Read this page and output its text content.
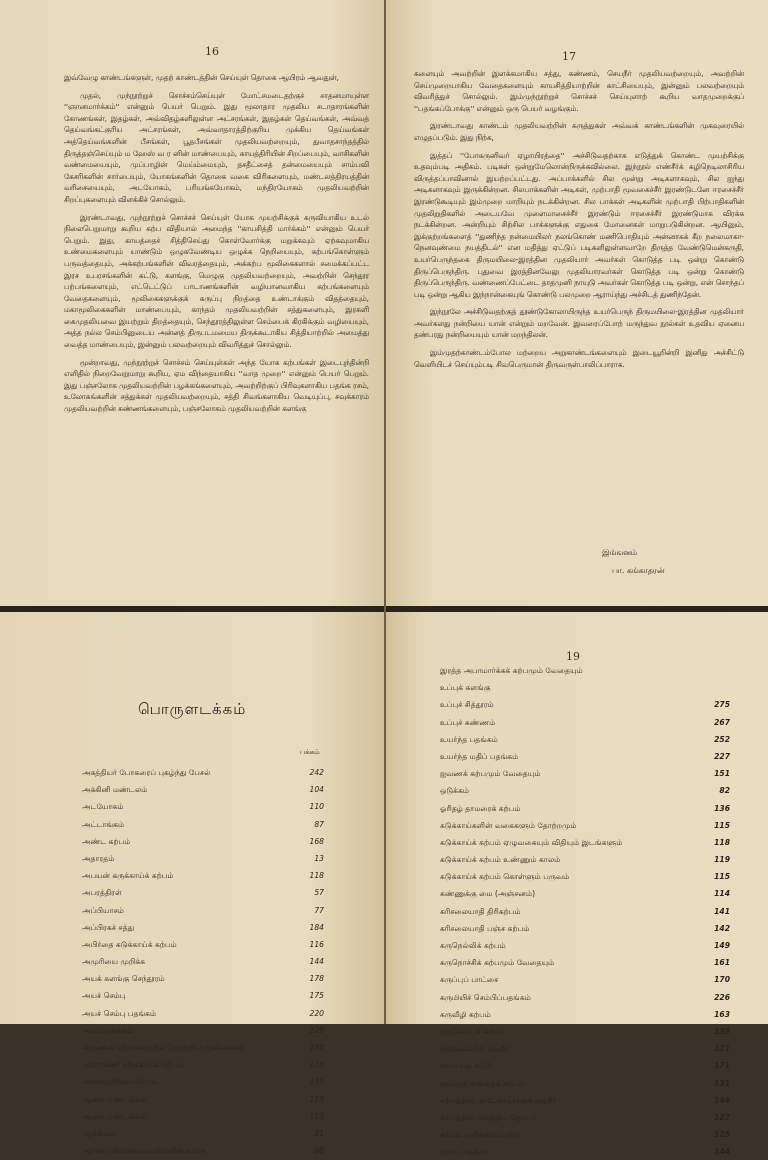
16

இவ்வேழு காண்டங்களுள், முதற் காண்டத்தின் செய்யுள் தொகை ஆயிரம் ஆவதுள்,

முதல், முந்நூற்றுச் சொச்சம்செய்யுள் மோட்சமடைதற்குச் சாதனமாயுள்ள ''ஞானமார்க்கம்'' என்னும் பெயர் பெறும். இது மூலாதார முதலிய சடாதாரங்களின் கோணங்கள், இதழ்கள், அவ்விதழ்களிலுள்ள அட்சரங்கள், இதழ்கள் தெய்வங்கள், அவ்வத் தெய்வங்கட்குரிய அட்சரங்கள், அவ்வாதாரத்திற்குரிய முக்கிய தெய்வங்கள் அத்தெய்வங்களின் பீசங்கள், பூதபீசங்கள் முதலியவற்றையும், துவாதசாந்தத்தில் திருத்தஞ்செய்யும் ம ஹேஸ் வ ர னின் மாண்பையும், காயத்திரியின் சிறப்பையும், வாசிகளின் வண்மையையும், முப்பாழின் மெய்ம்மையும், தசதீட்சைத் தன்மையையும் சாம்பவி கேசரிகளின் சார்பையும், யோகங்களின் தொகை வகை விரிகளையும், மண்டலத்திரயத்தின் வரிசையையும், அடயோகம், பரியங்கயோகம், மந்திரயோகம் முதலியவற்றின் சிறப்புகளையும் விளக்கிச் சொல்லும்.

இரண்டாவது, முந்நூற்றுச் சொச்சச் செய்யுள் யோக முயற்சிக்குக் கருவியாகிய உடல் நிலைபெறுமாறு கூறிய கற்ப விதியால் அமைந்த ''காயசித்தி மார்க்கம்'' என்னும் பெயர் பெறும். இது, காயத்தைச் சித்திசெய்து கொள்வோர்க்கு மறுக்கவும் ஏற்கவுமாகிய உண்மைகளையும் யாண்டும் ஒழுகவேண்டிய ஒழுக்க நெறியையும், கற்பங்கொள்ளும் பருவத்தையும், அக்கற்பங்களின் விவரத்தையும், அக்கற்ப மூலிகைகளால் சமைக்கப்பட்ட இரச உபரசங்களின் கட்டு, களங்கு, மெழுகு முதலியவற்றையும், அவற்றின் செந்தூர பற்பங்களையும், எட்டெட்டுப் பாடாணங்களின் வழியானவாகிய கற்பங்களையும் வேதைகளையும், மூலிகைகளுக்குக் கருப்பு நிறத்தை உண்டாக்கும் விதத்தையும், மகாமூலிகைகளின் மாண்பையும், காந்தம் முதலியவற்றின் சத்துகளையும், இரசுளி கைமுதலியவை இயற்றும் திறத்தையும், செந்தூரத்திலுள்ள செம்பைக் கிரகிக்கும் வழியையும், அத்த நல்ல செம்பினுடைய அன்னத் திருபடமமைய திருக்கூடாகிய சித்தியாற்றில் அமைத்து வைத்த மாண்பையும், இன்னும் பலவற்றையும் விவரித்துச் சொல்லும்.

மூன்றாவது, முந்நூற்றுச் சொச்சம் செய்யுள்கள் அந்த யோக கற்பங்கள் இடைபுந்தின்றி எளிதில் நிறைவேறுமாறு கூறிய, ஏம விந்தையாகிய ''வாத முறை'' என்னும் பெயர் பெறும். இது பஞ்சலோக முதலியவற்றின் பழக்கங்களையும், அவற்றிற்குப் பிரிவுகளாகிய பதங்க ரசம், உலோகங்களின் சத்துக்கள் முதலியவற்றையும், சத்தி சிவங்களாகிய வெடியுப்பு, சவுக்காரம் முதலியவற்றின் சுண்ணங்களையும், பஞ்சலோகம் முதலியவற்றின் களங்கு

17

களையும் அவற்றின் இளக்கமாகிய சத்து, சுண்ணம், செயநீர் முதலியவற்றையும், அவற்றின் செய்முறையாகிய வேதைகளையும் காயசித்தியாற்றின் காட்சியையும், இன்னும் பலவற்றையும் விவரித்துச் சொல்லும். இம்முந்நூற்றுச் சொச்சச் செய்யுளாற் கூறிய வாதமுறைக்குப் ''பதங்கப்போக்கு'' என்னும் ஒரு பெயர் வழங்கும்.

இரண்டாவது காண்டம் முதலியவற்றின் கருத்துகள் அவ்வக் காண்டங்களின் முகவுரையில் எழுதப்படும். இது நிற்க,

இத்தப் ''போகருனிவர் ஏழாயிரத்தை'' அச்சிடுவதற்காக எடுத்துக் கொண்ட முயற்சிக்கு உதவும்படி அதிகம். படிகள் ஒன்றுமேலொன்றிருக்கவில்லை. இந்நூல் எண்சீர்க் கழிநெடிலாசிரிய விருத்தப்பாவினால் இயற்றப்பட்டது. அப்பாக்களில் சில மூன்று அடிகளாகவும், சில ஐந்து அடிகளாகவும் இருக்கின்றன. சிலபாக்களின் அடிகள், முற்பாதி மூவகைச்சீர் இரண்டுடனே ஈரசைச்சீர் இரண்டுகூடியும் இம்முறை மாறியும் நடக்கின்றன. சில பாக்கள் அடிகளின் முற்பாதி பிற்பாதிகளின் முதலிறுதிகளில் அடையவே முளைமாசைச்சீர் இரண்டும் ஈரசைச்சீர் இரண்டுமாக விரக்க நடக்கின்றன. அன்றியும் சிற்சில பாக்களுக்கு எதுகை மோனைகள் மாறுபடுகின்றன. ஆயினும், இக்குற்றங்களைத் ''துணிந்த நன்மையிலர் நலங்கொண் மணிபொதியும் அன்னாகக் கீற நலைமாகா-நெனவுண்மை நயத்திடல்'' என மதித்து ஏட்டுப் படிகளிலுள்ளவாறே திருத்த வேண்டுமென்கருதி, உயர்பெருந்தகை திருமயிலை-இரத்தின முதலியார் அவர்கள் கொடுத்த படி ஒன்று கொண்டு திருப்பெருந்திரு. புதுவை இரத்தினவேலு முதலியாரவர்கள் கொடுத்த படி ஒன்று கொண்டு திருப்பெருந்திரு. வண்ணைப்பேட்டை தாதமுனி நாயுடு அவர்கள் கொடுத்த படி ஒன்று, என் சொந்தப் படி ஒன்று ஆகிய இந்நான்கையுங் கொண்டு பலமுறை ஆராய்ந்து அச்சிடத் துணிந்தேன்.

இந்நூலே அச்சிடுவதற்குத் தூண்டுகோலாயிருந்த உயர்பெருந் திருமயிலை-இரத்தின முதலியார் அவர்களது நன்றியை யான் என்றும் மறவேன். இவரைப்போற் மருந்துவ நூல்கள் உதவிய ஏனைய தண்பரது நன்றியையும் யான் மறந்திலன்.

இம்முதற்காண்டம்போல மற்றைய அறுகாண்டங்களையும் இடையூறின்றி இனிது அச்சிட்டு வெளியிடச் செய்யும்படி சிவபெருமான் திருவருள்பாலிப்பாராக.

இங்ஙனம்
பா. கங்காதரன்
பொருளடக்கம்
பக்கம்
அகத்தியர் போகரைப் புகழ்ந்து பேசல்	242
அக்கினி மண்டலம்	104
அடயோகம்	110
அட்டாங்கம்	87
அண்ட கற்பம்	168
அதாரதம்	13
அபயன் கருக்காய்க் கற்பம்	118
அபரத்திரள்	57
அப்பியாசம்	77
அப்பிரகச் சத்து	184
அபிர்தை கடுக்காய்க் கற்பம்	116
அமுரியை முறிக்க	144
அயக் களங்கு செந்தூரம்	178
அயச் செம்பு	175
அயச் செம்பு பதங்கம்	220
அயப் பதங்கம்	229
அருணன் வியர்வையில் தோன்றிய மூலிகைகள்	158
அரோகணி கடுக்காய்க் கற்பம்	116
அன்னத்திற்குப் பொடி	135
ஆகாச பண்டங்கள்	113
ஆகும் பண்டங்கள்	113
ஆக்கினை	21
ஆசனப் பிராணாயாமங்களின் வகை	88
19
இரத்த அபாமார்க்கக் கற்பமும் வேதையும்
உப்புக் களங்கு
உப்புச் சித்தூரம்	275
உப்புச் சுண்ணம்	267
உயர்ந்த பதங்கம்	252
உயர்ந்த மதிப் பதங்கம்	227
ஐவணக் கற்பமும் வேதையும்	151
ஒடுக்கம்	82
ஓரிதழ் தாமரைக் கற்பம்	136
கடுக்காய்களின் வகைகளும் தோற்றமும்	115
கடுக்காய்க் கற்பம் ஏழுவகையும் விதியும் இடங்களும்	118
கடுக்காய்க் கற்பம் உண்ணும் காலம்	119
கடுக்காய்க் கற்பம் கொள்ளும் பருவம்	115
கண்ணுக்கு மை (அஞ்சனம்)	114
கரிசலையாதி திரிகற்பம்	141
கரிசலையாதி பஞ்ச கற்பம்	142
கருநெல்லிக் கற்பம்	149
கருநொச்சிக் கற்பமும் வேதையும்	161
கருப்புப் பாட்சை	170
கருமியிச் செம்பிப்பதங்கம்	226
கருவீழி கற்பம்	163
கருவேம்புக் கற்பம்	139
கருவேம்பின் குடிநீர்	121
கற்பப்புக் கட்டு	171
கறுப்புக் காந்தைக் கற்பம்	131
கற்பத்தால் குடேண்டிரக்குக் குடிநீர்	144
கற்பத்தில் அயந்திய தோடம்	127
கற்பம் முறிக்கும் மாற்று	125
கற்ப பாத்திரம்	144
